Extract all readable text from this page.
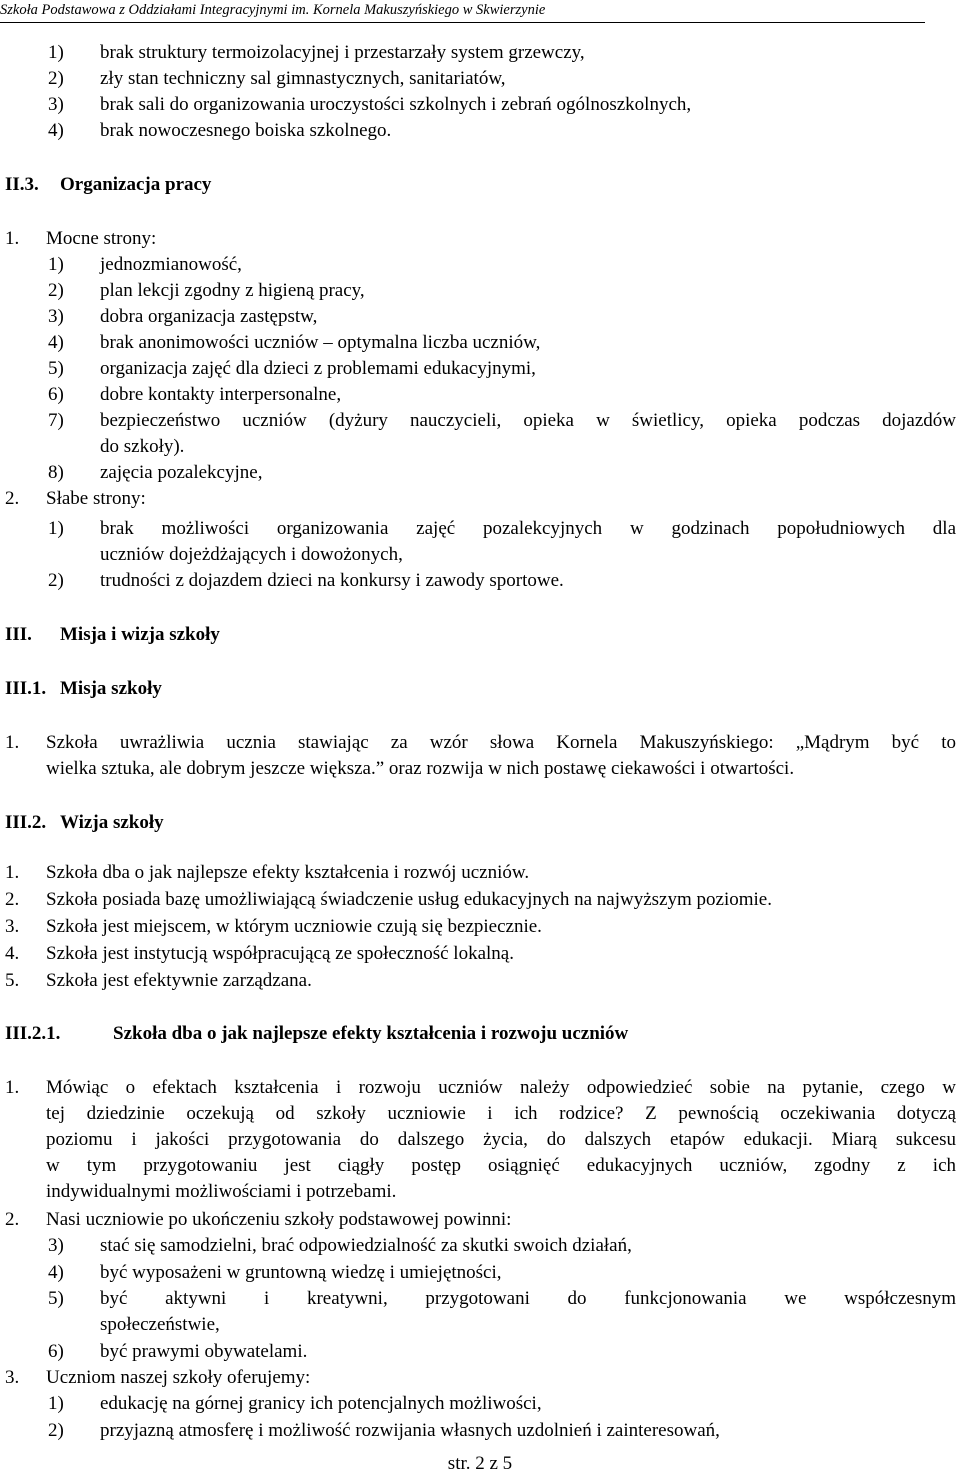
Szkoła Podstawowa z Oddziałami Integracyjnymi im. Kornela Makuszyńskiego w Skwierzynie
1) brak struktury termoizolacyjnej i przestarzały system grzewczy,
2) zły stan techniczny sal gimnastycznych, sanitariatów,
3) brak sali do organizowania uroczystości szkolnych i zebrań ogólnoszkolnych,
4) brak nowoczesnego boiska szkolnego.
II.3. Organizacja pracy
1. Mocne strony:
1) jednozmianowość,
2) plan lekcji zgodny z higieną pracy,
3) dobra organizacja zastępstw,
4) brak anonimowości uczniów – optymalna liczba uczniów,
5) organizacja zajęć dla dzieci z problemami edukacyjnymi,
6) dobre kontakty interpersonalne,
7) bezpieczeństwo uczniów (dyżury nauczycieli, opieka w świetlicy, opieka podczas dojazdów
do szkoły).
8) zajęcia pozalekcyjne,
2. Słabe strony:
1) brak możliwości organizowania zajęć pozalekcyjnych w godzinach popołudniowych dla
uczniów dojeżdżających i dowożonych,
2) trudności z dojazdem dzieci na konkursy i zawody sportowe.
III. Misja i wizja szkoły
III.1. Misja szkoły
1. Szkoła uwrażliwia ucznia stawiając za wzór słowa Kornela Makuszyńskiego: „Mądrym być to
wielka sztuka, ale dobrym jeszcze większa.” oraz rozwija w nich postawę ciekawości i otwartości.
III.2. Wizja szkoły
1. Szkoła dba o jak najlepsze efekty kształcenia i rozwój uczniów.
2. Szkoła posiada bazę umożliwiającą świadczenie usług edukacyjnych na najwyższym poziomie.
3. Szkoła jest miejscem, w którym uczniowie czują się bezpiecznie.
4. Szkoła jest instytucją współpracującą ze społeczność lokalną.
5. Szkoła jest efektywnie zarządzana.
III.2.1.	Szkoła dba o jak najlepsze efekty kształcenia i rozwoju uczniów
1. Mówiąc o efektach kształcenia i rozwoju uczniów należy odpowiedzieć sobie na pytanie, czego w
tej dziedzinie oczekują od szkoły uczniowie i ich rodzice? Z pewnością oczekiwania dotyczą
poziomu i jakości przygotowania do dalszego życia, do dalszych etapów edukacji. Miarą sukcesu
w tym przygotowaniu jest ciągły postęp osiągnięć edukacyjnych uczniów, zgodny z ich
indywidualnymi możliwościami i potrzebami.
2. Nasi uczniowie po ukończeniu szkoły podstawowej powinni:
3) stać się samodzielni, brać odpowiedzialność za skutki swoich działań,
4) być wyposażeni w gruntowną wiedzę i umiejętności,
5) być aktywni i kreatywni, przygotowani do funkcjonowania we współczesnym
społeczeństwie,
6) być prawymi obywatelami.
3. Uczniom naszej szkoły oferujemy:
1) edukację na górnej granicy ich potencjalnych możliwości,
2) przyjazną atmosferę i możliwość rozwijania własnych uzdolnień i zainteresowań,
str. 2 z 5
